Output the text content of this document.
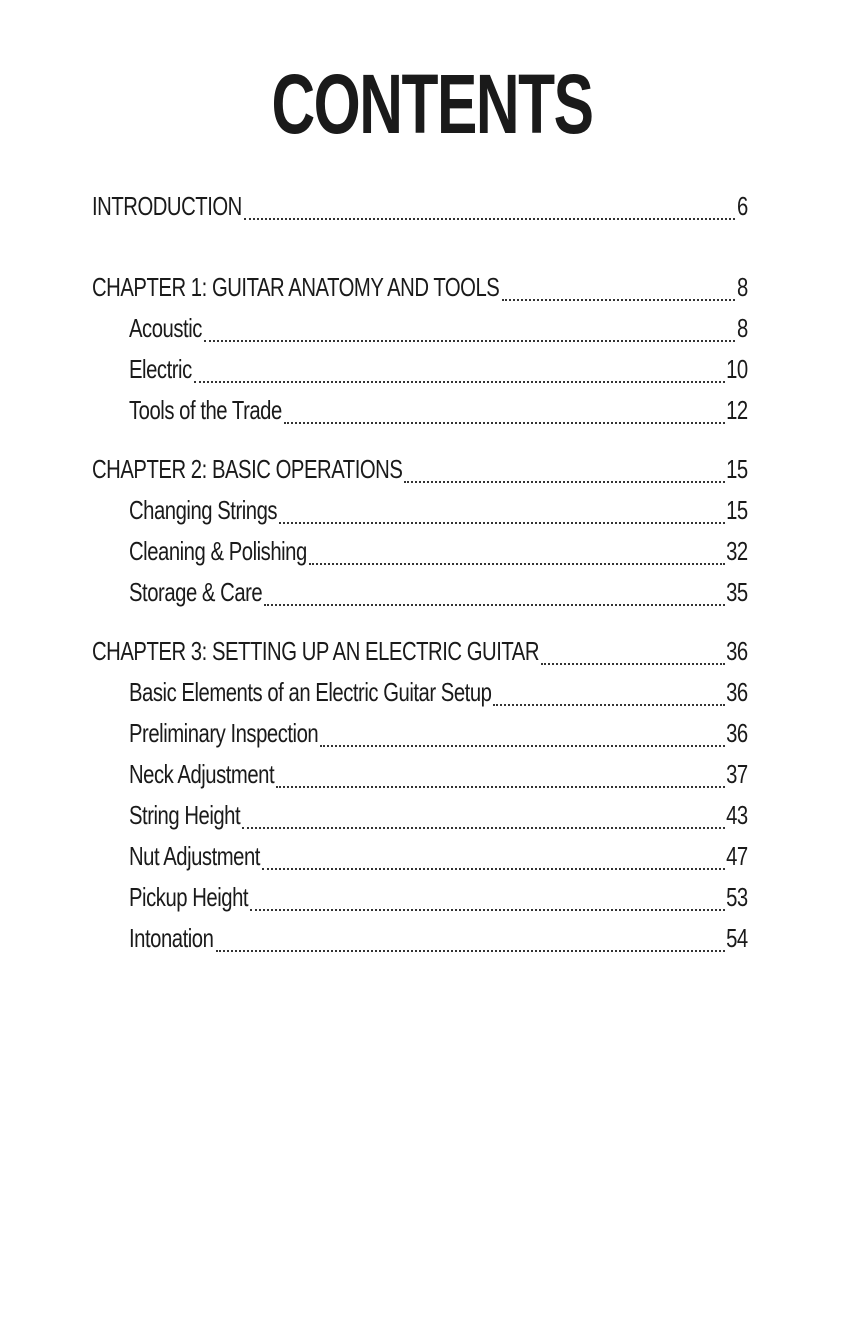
CONTENTS
INTRODUCTION	6
CHAPTER 1: GUITAR ANATOMY AND TOOLS	8
Acoustic	8
Electric	10
Tools of the Trade	12
CHAPTER 2: BASIC OPERATIONS	15
Changing Strings	15
Cleaning & Polishing	32
Storage & Care	35
CHAPTER 3: SETTING UP AN ELECTRIC GUITAR	36
Basic Elements of an Electric Guitar Setup	36
Preliminary Inspection	36
Neck Adjustment	37
String Height	43
Nut Adjustment	47
Pickup Height	53
Intonation	54
